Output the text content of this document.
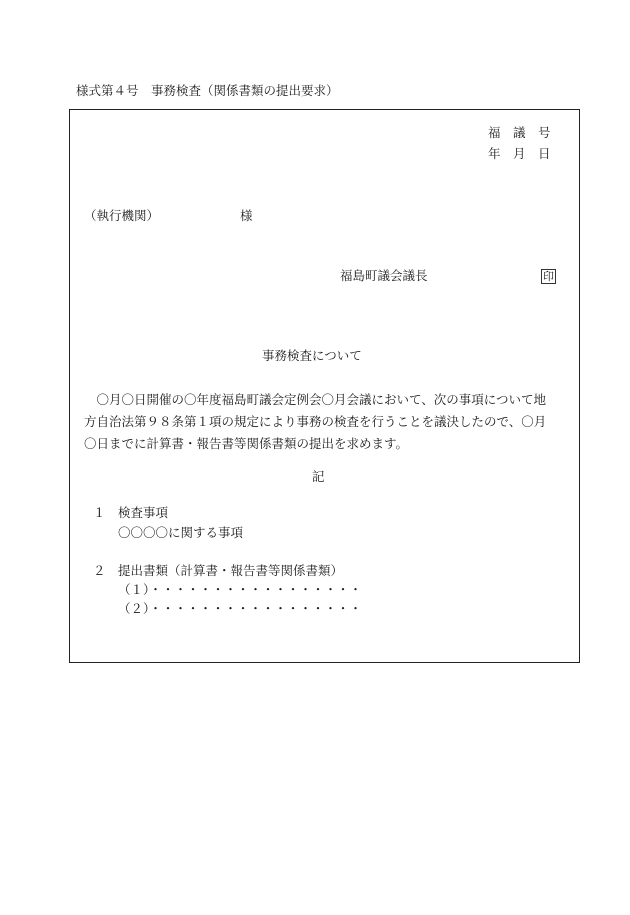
様式第４号　事務検査（関係書類の提出要求）
福　議　号
年　月　日
（執行機関）	様
福島町議会議長	印
事務検査について
〇月〇日開催の〇年度福島町議会定例会〇月会議において、次の事項について地方自治法第９８条第１項の規定により事務の検査を行うことを議決したので、〇月〇日までに計算書・報告書等関係書類の提出を求めます。
記
１ 検査事項
〇〇〇〇に関する事項
２ 提出書類（計算書・報告書等関係書類）
（１）・・・・・・・・・・・・・・・・・
（２）・・・・・・・・・・・・・・・・・
